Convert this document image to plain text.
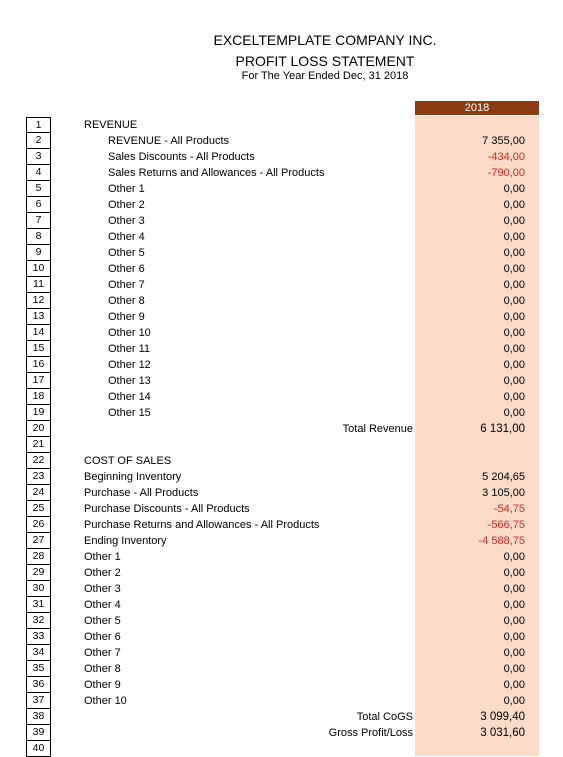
EXCELTEMPLATE COMPANY INC.
PROFIT LOSS STATEMENT
For The Year Ended Dec, 31 2018
2018
1	REVENUE
2	REVENUE - All Products	7 355,00
3	Sales Discounts - All Products	-434,00
4	Sales Returns and Allowances - All Products	-790,00
5	Other 1	0,00
6	Other 2	0,00
7	Other 3	0,00
8	Other 4	0,00
9	Other 5	0,00
10	Other 6	0,00
11	Other 7	0,00
12	Other 8	0,00
13	Other 9	0,00
14	Other 10	0,00
15	Other 11	0,00
16	Other 12	0,00
17	Other 13	0,00
18	Other 14	0,00
19	Other 15	0,00
20	Total Revenue	6 131,00
21
22	COST OF SALES
23	Beginning Inventory	5 204,65
24	Purchase - All Products	3 105,00
25	Purchase Discounts - All Products	-54,75
26	Purchase Returns and Allowances - All Products	-566,75
27	Ending Inventory	-4 588,75
28	Other 1	0,00
29	Other 2	0,00
30	Other 3	0,00
31	Other 4	0,00
32	Other 5	0,00
33	Other 6	0,00
34	Other 7	0,00
35	Other 8	0,00
36	Other 9	0,00
37	Other 10	0,00
38	Total CoGS	3 099,40
39	Gross Profit/Loss	3 031,60
40
